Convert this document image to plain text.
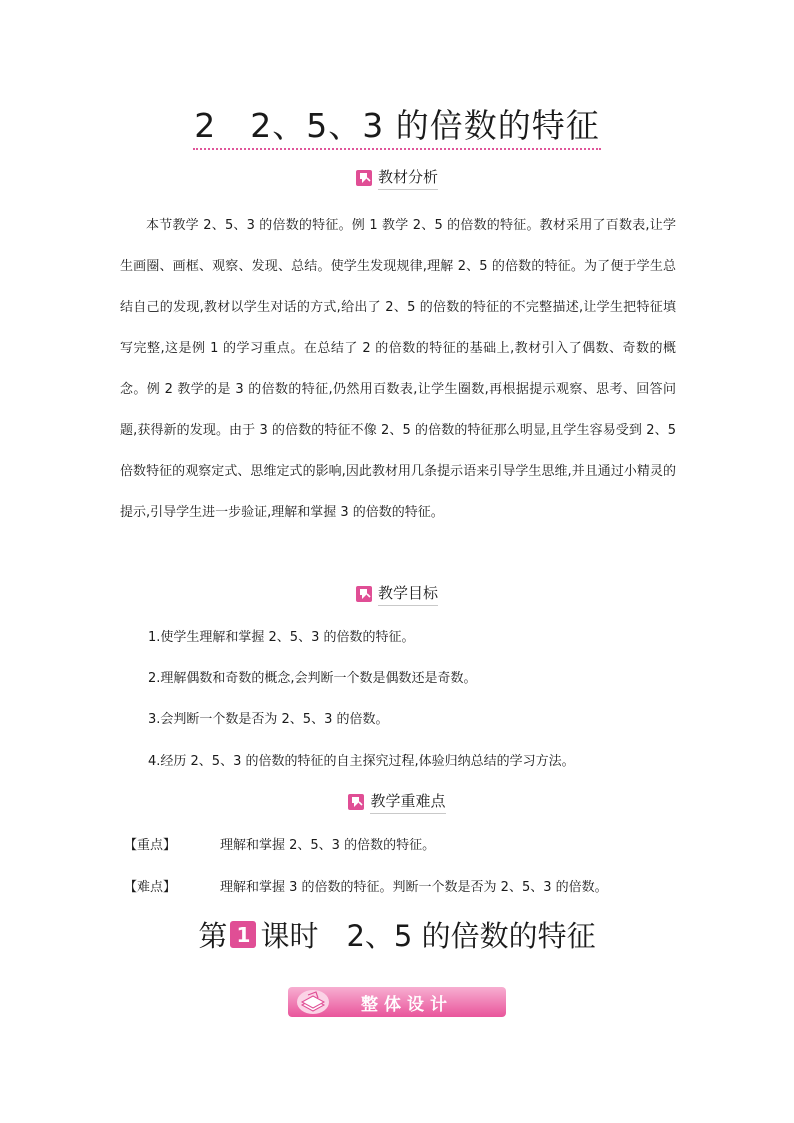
2　2、5、3 的倍数的特征
教材分析

本节教学 2、5、3 的倍数的特征。例 1 教学 2、5 的倍数的特征。教材采用了百数表,让学生画圈、画框、观察、发现、总结。使学生发现规律,理解 2、5 的倍数的特征。为了便于学生总结自己的发现,教材以学生对话的方式,给出了 2、5 的倍数的特征的不完整描述,让学生把特征填写完整,这是例 1 的学习重点。在总结了 2 的倍数的特征的基础上,教材引入了偶数、奇数的概念。例 2 教学的是 3 的倍数的特征,仍然用百数表,让学生圈数,再根据提示观察、思考、回答问题,获得新的发现。由于 3 的倍数的特征不像 2、5 的倍数的特征那么明显,且学生容易受到 2、5 倍数特征的观察定式、思维定式的影响,因此教材用几条提示语来引导学生思维,并且通过小精灵的提示,引导学生进一步验证,理解和掌握 3 的倍数的特征。

教学目标

1.使学生理解和掌握 2、5、3 的倍数的特征。

2.理解偶数和奇数的概念,会判断一个数是偶数还是奇数。

3.会判断一个数是否为 2、5、3 的倍数。

4.经历 2、5、3 的倍数的特征的自主探究过程,体验归纳总结的学习方法。

教学重难点

【重点】	理解和掌握 2、5、3 的倍数的特征。

【难点】	理解和掌握 3 的倍数的特征。判断一个数是否为 2、5、3 的倍数。

第 1 课时 2、5 的倍数的特征
整体设计
